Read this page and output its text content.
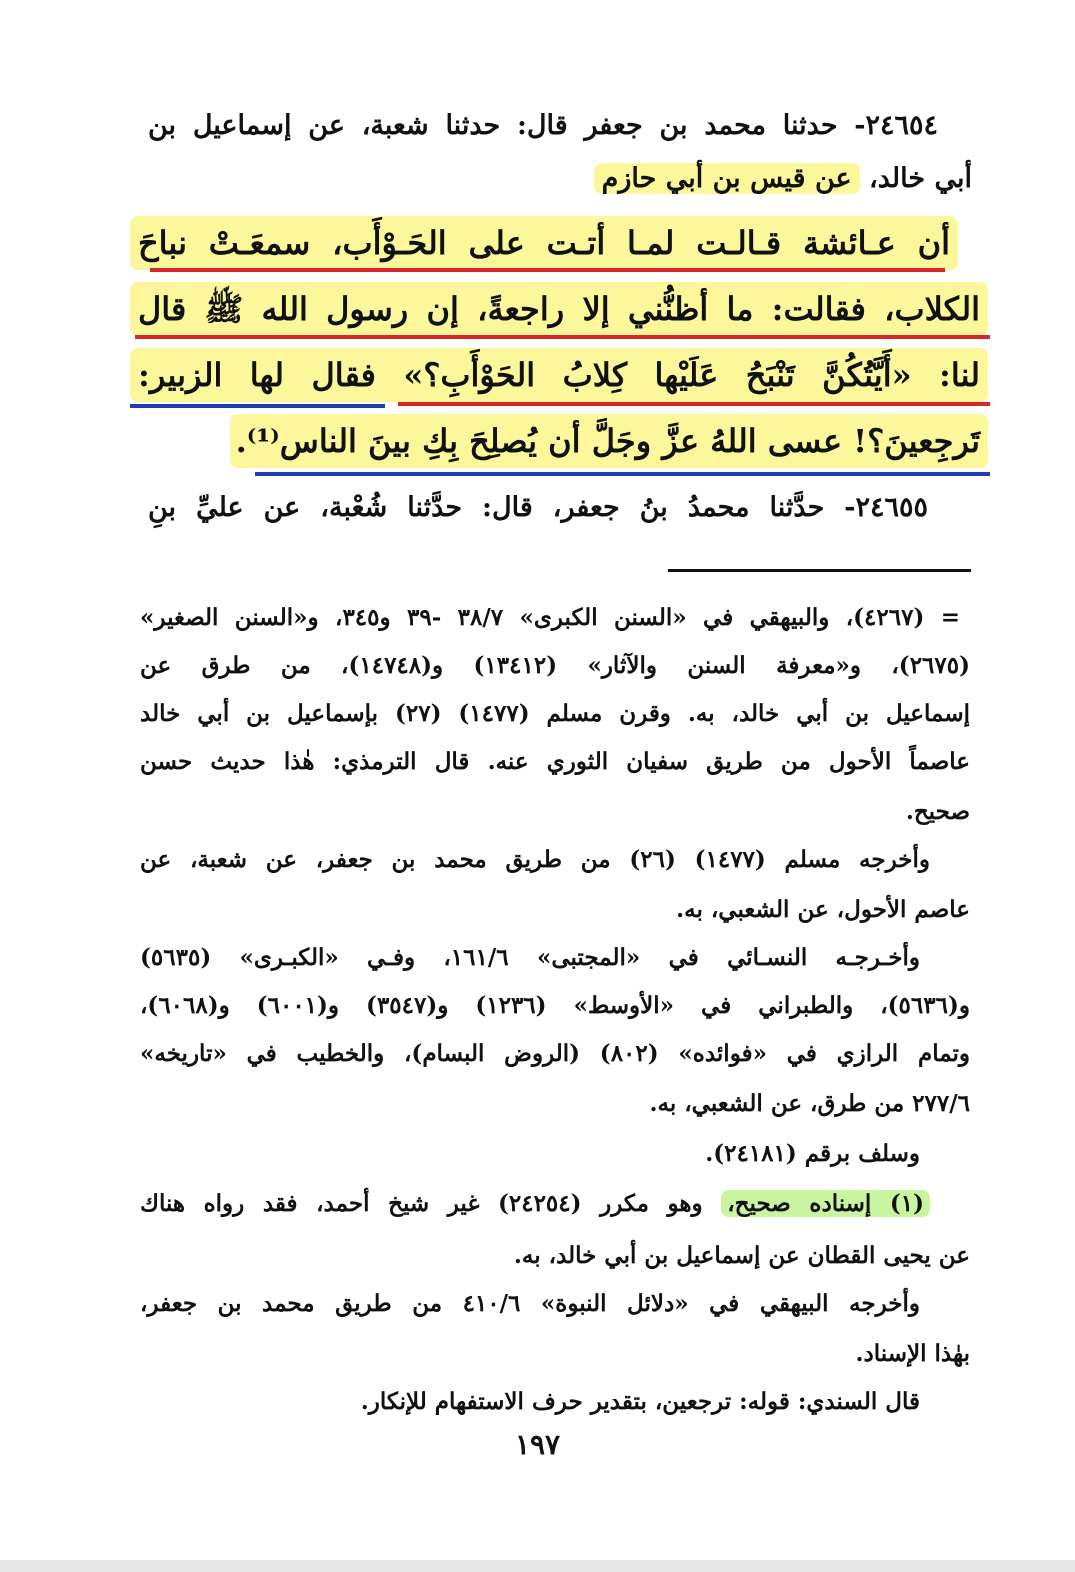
٢٤٦٥٤- حدثنا محمد بن جعفر قال: حدثنا شعبة، عن إسماعيل بن
أبي خالد، عن قيس بن أبي حازم
أن عـائشة قـالـت لمـا أتـت على الحَـوْأَب، سمعَـتْ نباحَ
الكلاب، فقالت: ما أظنُّني إلا راجعةً، إن رسول الله ﷺ قال
لنا: «أَيَّتُكُنَّ تَنْبَحُ عَلَيْها كِلابُ الحَوْأَبِ؟» فقال لها الزبير:
تَرجِعينَ؟! عسى اللهُ عزَّ وجَلَّ أن يُصلِحَ بِكِ بينَ الناس⁽¹⁾.
٢٤٦٥٥- حدَّثنا محمدُ بنُ جعفر، قال: حدَّثنا شُعْبة، عن عليِّ بنِ
= (٤٢٦٧)، والبيهقي في «السنن الكبرى» ٣٨/٧ -٣٩ و٣٤٥، و«السنن الصغير»
(٢٦٧٥)، و«معرفة السنن والآثار» (١٣٤١٢) و(١٤٧٤٨)، من طرق عن
إسماعيل بن أبي خالد، به. وقرن مسلم (١٤٧٧) (٢٧) بإسماعيل بن أبي خالد
عاصماً الأحول من طريق سفيان الثوري عنه. قال الترمذي: هٰذا حديث حسن
صحيح.
وأخرجه مسلم (١٤٧٧) (٢٦) من طريق محمد بن جعفر، عن شعبة، عن
عاصم الأحول، عن الشعبي، به.
وأخـرجـه النسـائي في «المجتبى» ١٦١/٦، وفـي «الكبـرى» (٥٦٣٥)
و(٥٦٣٦)، والطبراني في «الأوسط» (١٢٣٦) و(٣٥٤٧) و(٦٠٠١) و(٦٠٦٨)،
وتمام الرازي في «فوائده» (٨٠٢) (الروض البسام)، والخطيب في «تاريخه»
٢٧٧/٦ من طرق، عن الشعبي، به.
وسلف برقم (٢٤١٨١).
(١) إسناده صحيح، وهو مكرر (٢٤٢٥٤) غير شيخ أحمد، فقد رواه هناك
عن يحيى القطان عن إسماعيل بن أبي خالد، به.
وأخرجه البيهقي في «دلائل النبوة» ٤١٠/٦ من طريق محمد بن جعفر،
بهٰذا الإسناد.
قال السندي: قوله: ترجعين، بتقدير حرف الاستفهام للإنكار.
١٩٧
